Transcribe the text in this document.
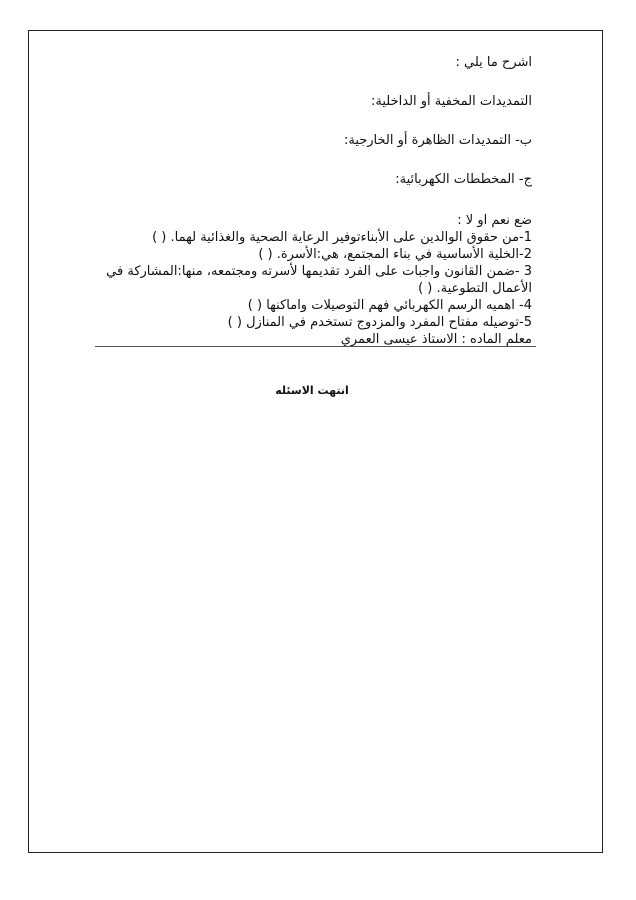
اشرح ما يلي :

التمديدات المخفية أو الداخلية:

ب- التمديدات الظاهرة أو الخارجية:

ج- المخططات الكهربائية:

ضع نعم او لا :

1-من حقوق الوالدين على الأبناءتوفير الرعاية الصحية والغذائية لهما. ( )

2-الخلية الأساسية في بناء المجتمع، هي:الأسرة. ( )

3 -ضمن القانون واجبات على الفرد تقديمها لأسرته ومجتمعه، منها:المشاركة في الأعمال التطوعية. ( )

4- اهميه الرسم الكهربائي فهم التوصيلات واماكنها ( )

5-توصيله مفتاح المفرد والمزدوج تستخدم في المنازل ( )

معلم الماده : الاستاذ عيسى العمري

انتهت الاسئله
